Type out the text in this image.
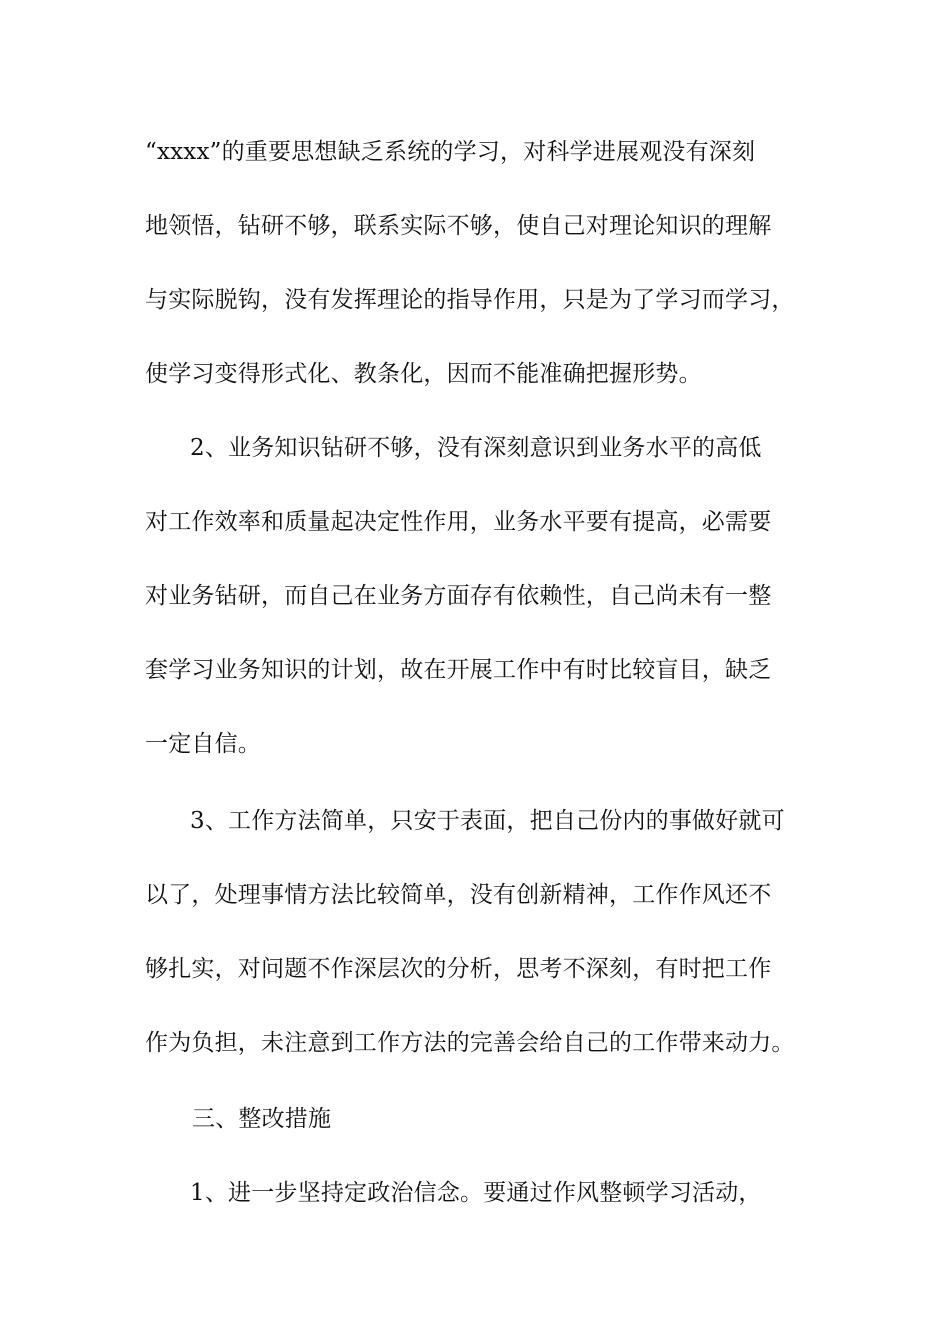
“xxxx”的重要思想缺乏系统的学习，对科学进展观没有深刻
地领悟，钻研不够，联系实际不够，使自己对理论知识的理解
与实际脱钩，没有发挥理论的指导作用，只是为了学习而学习，
使学习变得形式化、教条化，因而不能准确把握形势。
2、业务知识钻研不够，没有深刻意识到业务水平的高低
对工作效率和质量起决定性作用，业务水平要有提高，必需要
对业务钻研，而自己在业务方面存有依赖性，自己尚未有一整
套学习业务知识的计划，故在开展工作中有时比较盲目，缺乏
一定自信。
3、工作方法简单，只安于表面，把自己份内的事做好就可
以了，处理事情方法比较简单，没有创新精神，工作作风还不
够扎实，对问题不作深层次的分析，思考不深刻，有时把工作
作为负担，未注意到工作方法的完善会给自己的工作带来动力。
三、整改措施
1、进一步坚持定政治信念。要通过作风整顿学习活动，
